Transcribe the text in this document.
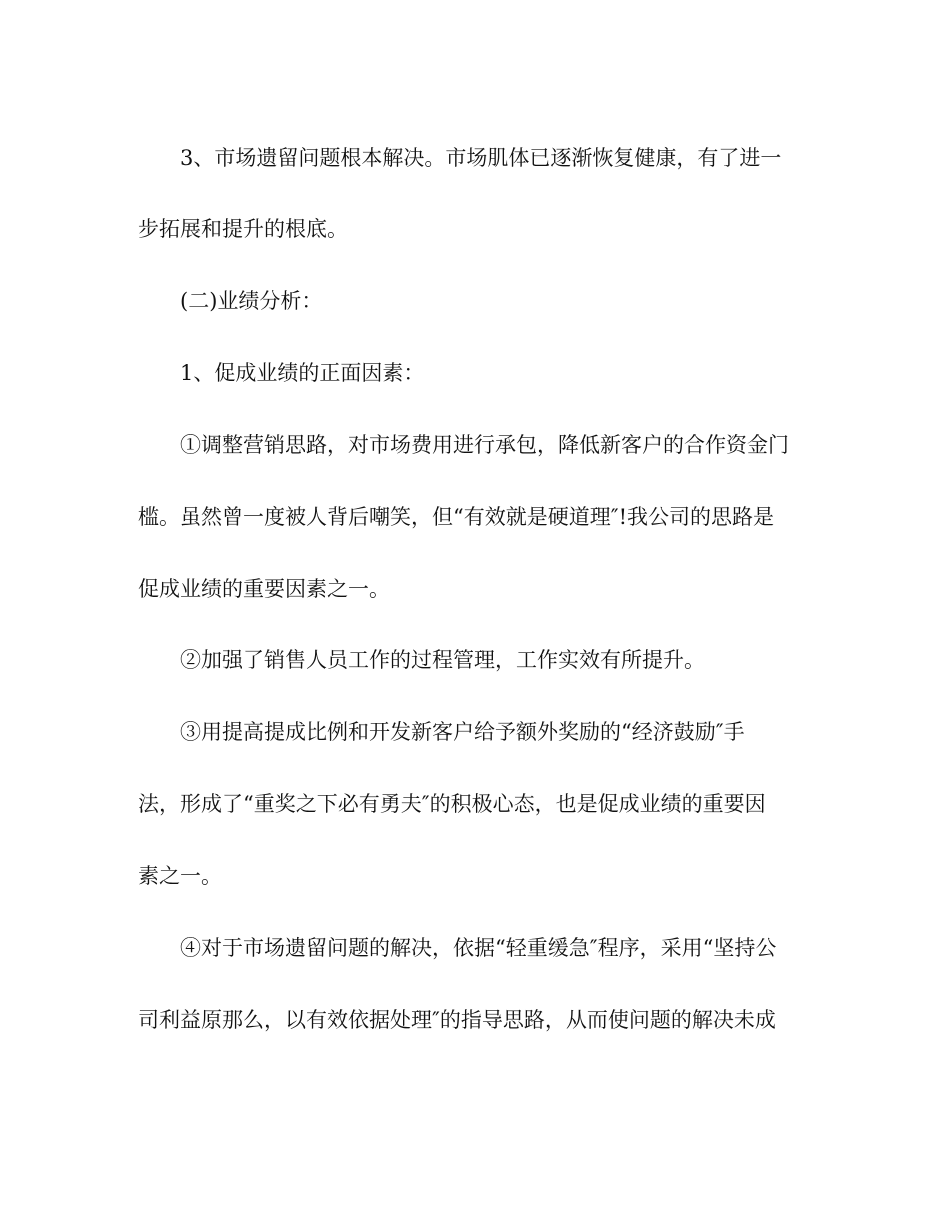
3、市场遗留问题根本解决。市场肌体已逐渐恢复健康，有了进一

步拓展和提升的根底。

(二)业绩分析：

1、促成业绩的正面因素：

①调整营销思路，对市场费用进行承包，降低新客户的合作资金门

槛。虽然曾一度被人背后嘲笑，但“有效就是硬道理″!我公司的思路是

促成业绩的重要因素之一。

②加强了销售人员工作的过程管理，工作实效有所提升。

③用提高提成比例和开发新客户给予额外奖励的“经济鼓励″手

法，形成了“重奖之下必有勇夫″的积极心态，也是促成业绩的重要因

素之一。

④对于市场遗留问题的解决，依据“轻重缓急″程序，采用“坚持公

司利益原那么，以有效依据处理″的指导思路，从而使问题的解决未成
